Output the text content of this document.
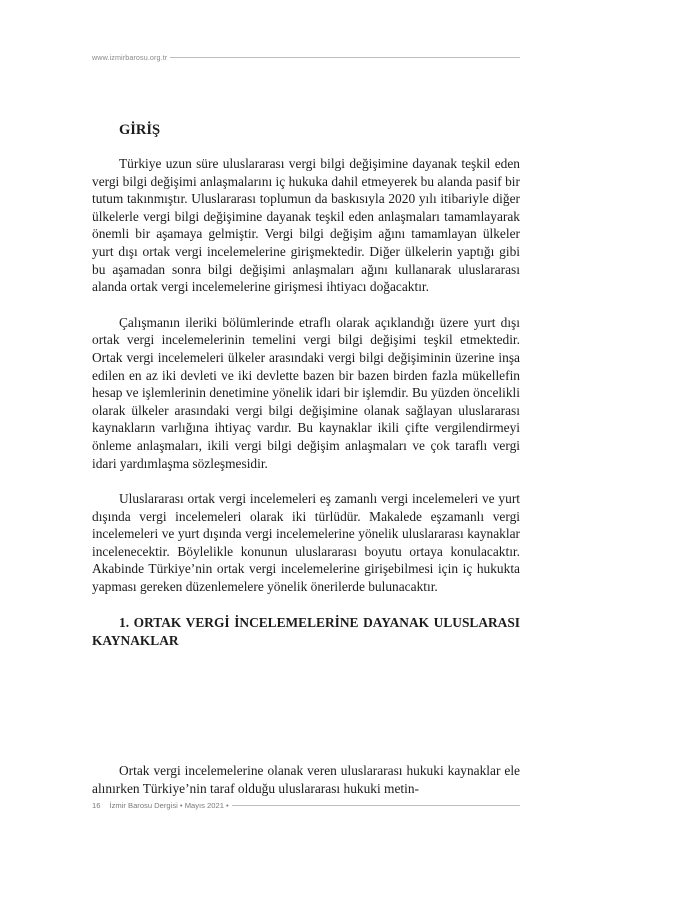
www.izmirbarosu.org.tr
GİRİŞ

Türkiye uzun süre uluslararası vergi bilgi değişimine dayanak teşkil eden vergi bilgi değişimi anlaşmalarını iç hukuka dahil etmeyerek bu alanda pasif bir tutum takınmıştır. Uluslararası toplumun da baskısıyla 2020 yılı itibariyle diğer ülkelerle vergi bilgi değişimine dayanak teşkil eden anlaşmaları tamamlayarak önemli bir aşamaya gelmiştir. Vergi bilgi değişim ağını tamamlayan ülkeler yurt dışı ortak vergi incelemelerine girişmektedir. Diğer ülkelerin yaptığı gibi bu aşamadan sonra bilgi değişimi anlaşmaları ağını kullanarak uluslararası alanda ortak vergi incelemelerine girişmesi ihtiyacı doğacaktır.

Çalışmanın ileriki bölümlerinde etraflı olarak açıklandığı üzere yurt dışı ortak vergi incelemelerinin temelini vergi bilgi değişimi teşkil etmektedir. Ortak vergi incelemeleri ülkeler arasındaki vergi bilgi değişiminin üzerine inşa edilen en az iki devleti ve iki devlette bazen bir bazen birden fazla mükellefin hesap ve işlemlerinin denetimine yönelik idari bir işlemdir. Bu yüzden öncelikli olarak ülkeler arasındaki vergi bilgi değişimine olanak sağlayan uluslararası kaynakların varlığına ihtiyaç vardır. Bu kaynaklar ikili çifte vergilendirmeyi önleme anlaşmaları, ikili vergi bilgi değişim anlaşmaları ve çok taraflı vergi idari yardımlaşma sözleşmesidir.

Uluslararası ortak vergi incelemeleri eş zamanlı vergi incelemeleri ve yurt dışında vergi incelemeleri olarak iki türlüdür. Makalede eşzamanlı vergi incelemeleri ve yurt dışında vergi incelemelerine yönelik uluslararası kaynaklar incelenecektir. Böylelikle konunun uluslararası boyutu ortaya konulacaktır. Akabinde Türkiye’nin ortak vergi incelemelerine girişebilmesi için iç hukukta yapması gereken düzenlemelere yönelik önerilerde bulunacaktır.

1. ORTAK VERGİ İNCELEMELERİNE DAYANAK ULUSLARASI KAYNAKLAR

Ortak vergi incelemelerine olanak veren uluslararası hukuki kaynaklar ele alınırken Türkiye’nin taraf olduğu uluslararası hukuki metin-

16 İzmir Barosu Dergisi • Mayıs 2021 •
